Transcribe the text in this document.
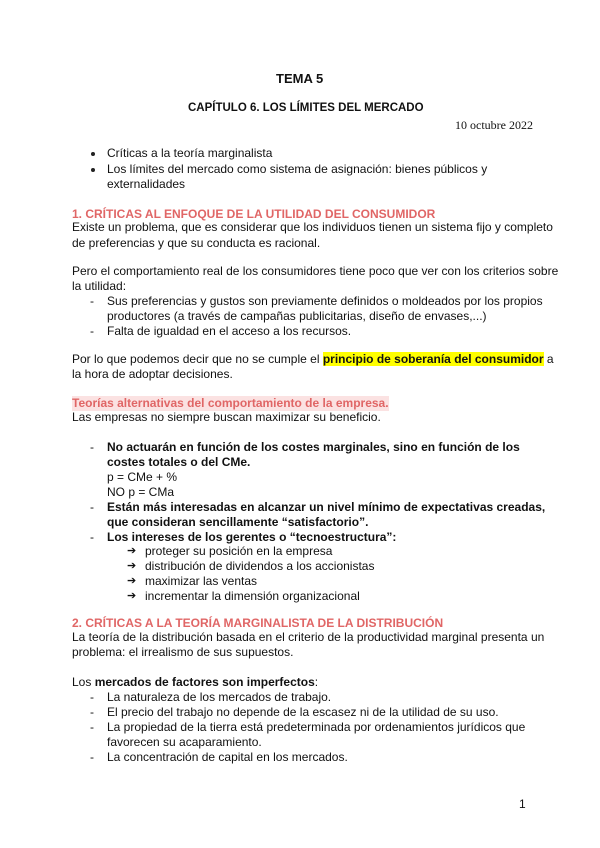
TEMA 5
CAPÍTULO 6. LOS LÍMITES DEL MERCADO
10 octubre 2022
Críticas a la teoría marginalista
Los límites del mercado como sistema de asignación: bienes públicos y
externalidades
1. CRÍTICAS AL ENFOQUE DE LA UTILIDAD DEL CONSUMIDOR
Existe un problema, que es considerar que los individuos tienen un sistema fijo y completo
de preferencias y que su conducta es racional.
Pero el comportamiento real de los consumidores tiene poco que ver con los criterios sobre
la utilidad:
- Sus preferencias y gustos son previamente definidos o moldeados por los propios
productores (a través de campañas publicitarias, diseño de envases,...)
- Falta de igualdad en el acceso a los recursos.
Por lo que podemos decir que no se cumple el principio de soberanía del consumidor a
la hora de adoptar decisiones.
Teorías alternativas del comportamiento de la empresa.
Las empresas no siempre buscan maximizar su beneficio.
- No actuarán en función de los costes marginales, sino en función de los
costes totales o del CMe.
p = CMe + %
NO p = CMa
- Están más interesadas en alcanzar un nivel mínimo de expectativas creadas,
que consideran sencillamente “satisfactorio”.
- Los intereses de los gerentes o “tecnoestructura”:
➔ proteger su posición en la empresa
➔ distribución de dividendos a los accionistas
➔ maximizar las ventas
➔ incrementar la dimensión organizacional
2. CRÍTICAS A LA TEORÍA MARGINALISTA DE LA DISTRIBUCIÓN
La teoría de la distribución basada en el criterio de la productividad marginal presenta un
problema: el irrealismo de sus supuestos.
Los mercados de factores son imperfectos:
- La naturaleza de los mercados de trabajo.
- El precio del trabajo no depende de la escasez ni de la utilidad de su uso.
- La propiedad de la tierra está predeterminada por ordenamientos jurídicos que
favorecen su acaparamiento.
- La concentración de capital en los mercados.
1
